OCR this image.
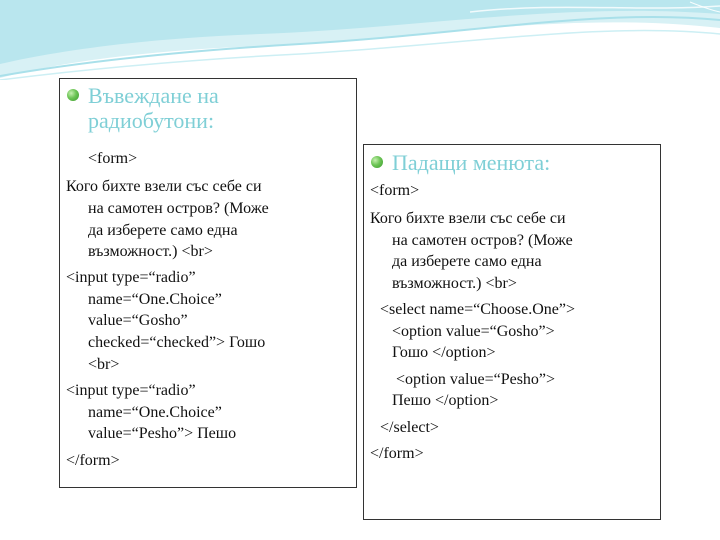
Въвеждане на
радиобутони:
<form>
Кого бихте взели със себе си
на самотен остров? (Може
да изберете само една
възможност.) <br>
<input type=“radio”
name=“One.Choice”
value=“Gosho”
checked=“checked”> Гошо
<br>
<input type=“radio”
name=“One.Choice”
value=“Pesho”> Пешо
</form>
Падащи менюта:
<form>
Кого бихте взели със себе си
на самотен остров? (Може
да изберете само една
възможност.) <br>
<select name=“Choose.One”>
<option value=“Gosho”>
Гошо </option>
<option value=“Pesho”>
Пешо </option>
</select>
</form>
